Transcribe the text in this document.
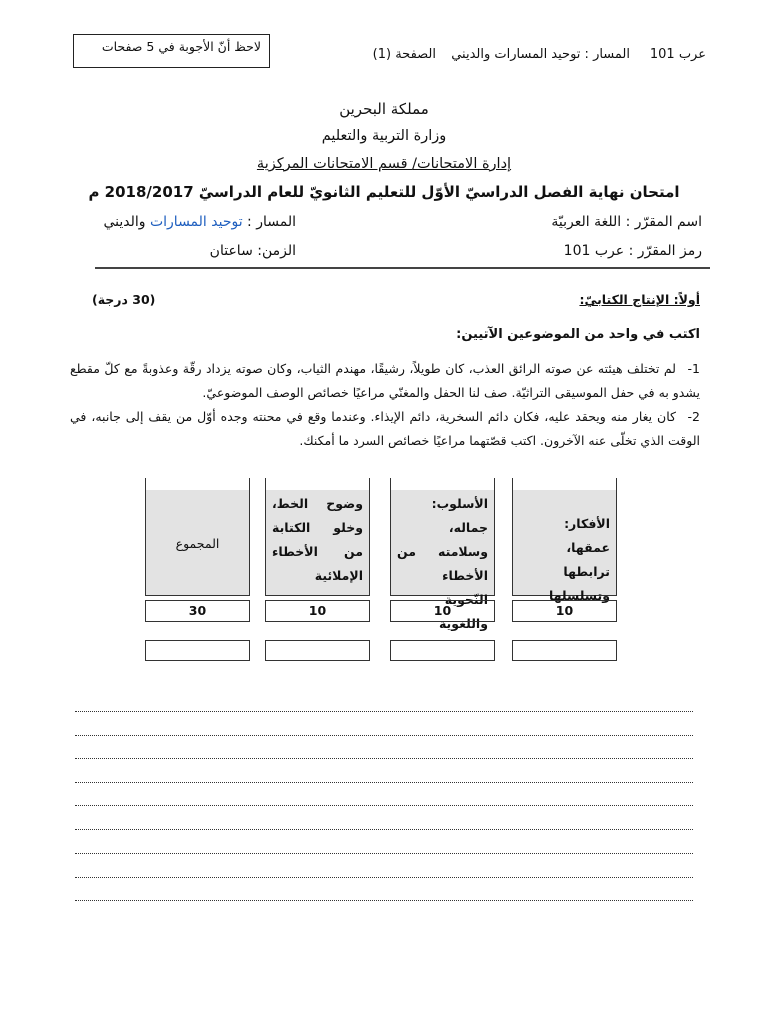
لاحظ أنّ الأجوبة في 5 صفحات
عرب 101
المسار : توحيد المسارات والديني
الصفحة (1)
مملكة البحرين
وزارة التربية والتعليم
إدارة الامتحانات/ قسم الامتحانات المركزية
امتحان نهاية الفصل الدراسيّ الأوّل للتعليم الثانويّ للعام الدراسيّ 2018/2017 م
اسم المقرّر : اللغة العربيّة
المسار : توحيد المسارات والديني
رمز المقرّر : عرب 101
الزمن: ساعتان
أولاً: الإنتاج الكتابيّ:
(30 درجة)
اكتب في واحد من الموضوعين الآتيين:
1-لم تختلف هيئته عن صوته الرائق العذب، كان طويلاً، رشيقًا، مهندم الثياب، وكان صوته يزداد رقّة وعذوبةً مع كلّ مقطع يشدو به في حفل الموسيقى التراثيّة. صف لنا الحفل والمغنّي مراعيًا خصائص الوصف الموضوعيّ.
2-كان يغار منه ويحقد عليه، فكان دائم السخرية، دائم الإيذاء. وعندما وقع في محنته وجده أوّل من يقف إلى جانبه، في الوقت الذي تخلّى عنه الآخرون. اكتب قصّتهما مراعيًا خصائص السرد ما أمكنك.
الأفكار: عمقها، ترابطها وتسلسلها
الأسلوب: جماله، وسلامته من الأخطاء النّحوية واللغوية
وضوح الخط، وخلو الكتابة من الأخطاء الإملائية
المجموع
10
10
10
30
